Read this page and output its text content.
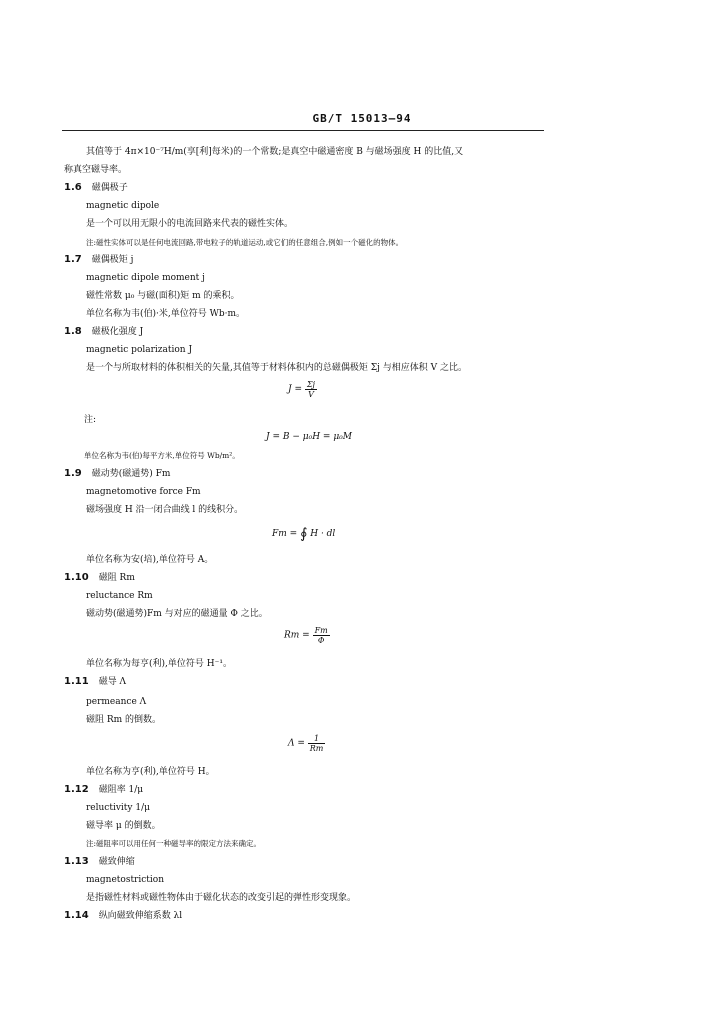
GB/T 15013—94
其值等于 4π×10⁻⁷H/m(享[利]每米)的一个常数;是真空中磁通密度 B 与磁场强度 H 的比值,又
称真空磁导率。
1.6 磁偶极子
magnetic dipole
是一个可以用无限小的电流回路来代表的磁性实体。
注:磁性实体可以是任何电流回路,带电粒子的轨道运动,或它们的任意组合,例如一个磁化的物体。
1.7 磁偶极矩 j
magnetic dipole moment j
磁性常数 μ₀ 与磁(面积)矩 m 的乘积。
单位名称为韦(伯)·米,单位符号 Wb·m。
1.8 磁极化强度 J
magnetic polarization J
是一个与所取材料的体积相关的矢量,其值等于材料体积内的总磁偶极矩 Σj 与相应体积 V 之比。
$J = \frac{\Sigma j}{V}$
注:
J = B − μ₀H = μ₀M
单位名称为韦(伯)每平方米,单位符号 Wb/m²。
1.9 磁动势(磁通势) Fm
magnetomotive force Fm
磁场强度 H 沿一闭合曲线 l 的线积分。
Fm = ∮ H · dl
单位名称为安(培),单位符号 A。
1.10 磁阻 Rm
reluctance Rm
磁动势(磁通势)Fm 与对应的磁通量 Φ 之比。
$Rm = \frac{Fm}{\Phi}$
单位名称为每亨(利),单位符号 H⁻¹。
1.11 磁导 Λ
permeance Λ
磁阻 Rm 的倒数。
$\Lambda = \frac{1}{Rm}$
单位名称为亨(利),单位符号 H。
1.12 磁阻率 1/μ
reluctivity 1/μ
磁导率 μ 的倒数。
注:磁阻率可以用任何一种磁导率的限定方法来确定。
1.13 磁致伸缩
magnetostriction
是指磁性材料或磁性物体由于磁化状态的改变引起的弹性形变现象。
1.14 纵向磁致伸缩系数 λl
